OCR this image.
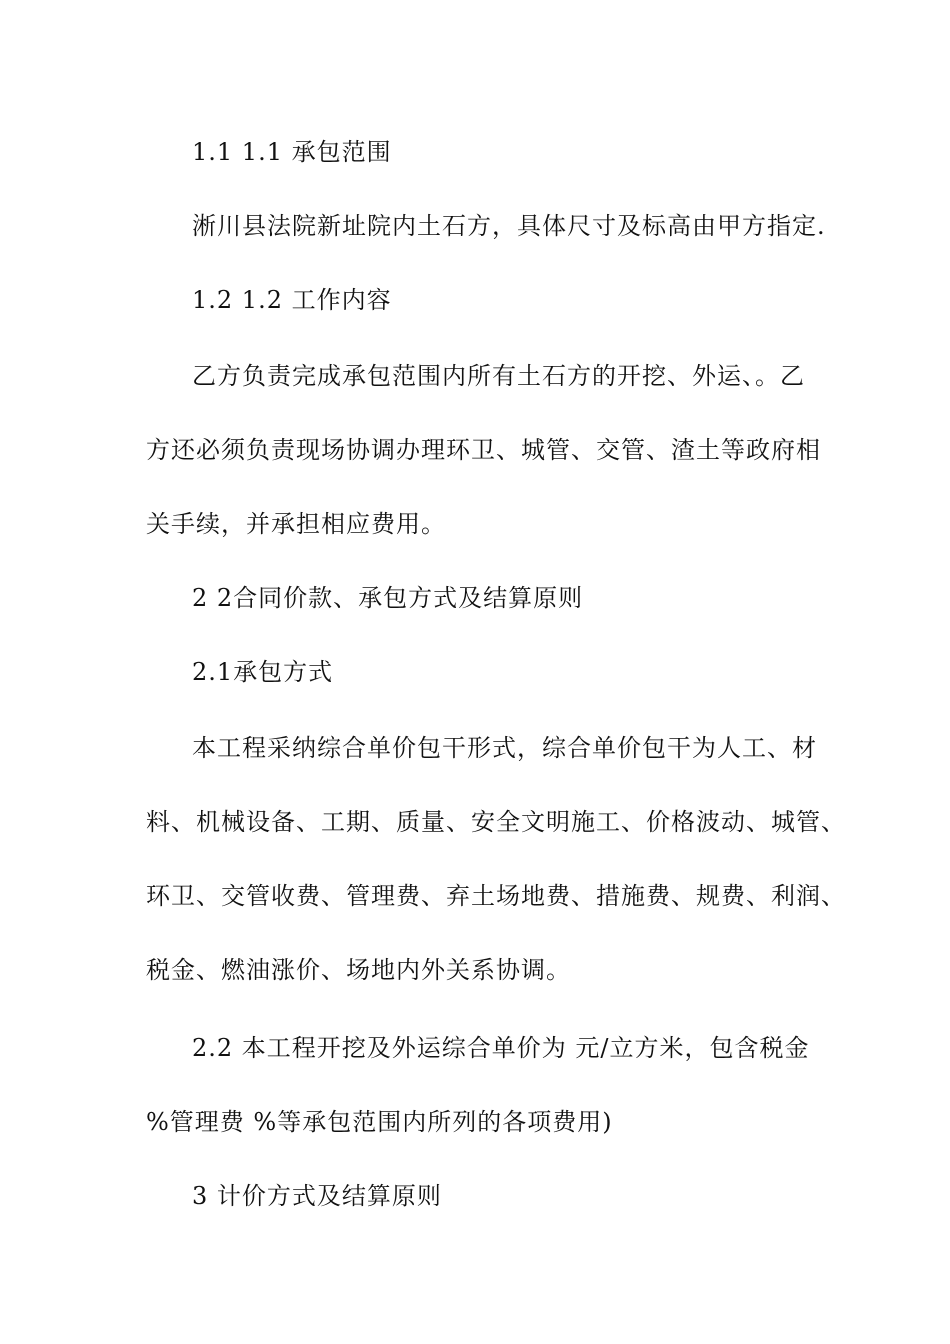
1.1 1.1 承包范围
淅川县法院新址院内土石方，具体尺寸及标高由甲方指定.
1.2 1.2 工作内容
乙方负责完成承包范围内所有土石方的开挖、外运、。乙
方还必须负责现场协调办理环卫、城管、交管、渣土等政府相
关手续，并承担相应费用。
2 2合同价款、承包方式及结算原则
2.1承包方式
本工程采纳综合单价包干形式，综合单价包干为人工、材
料、机械设备、工期、质量、安全文明施工、价格波动、城管、
环卫、交管收费、管理费、弃土场地费、措施费、规费、利润、
税金、燃油涨价、场地内外关系协调。
2.2 本工程开挖及外运综合单价为 元/立方米，包含税金
%管理费 %等承包范围内所列的各项费用)
3 计价方式及结算原则
